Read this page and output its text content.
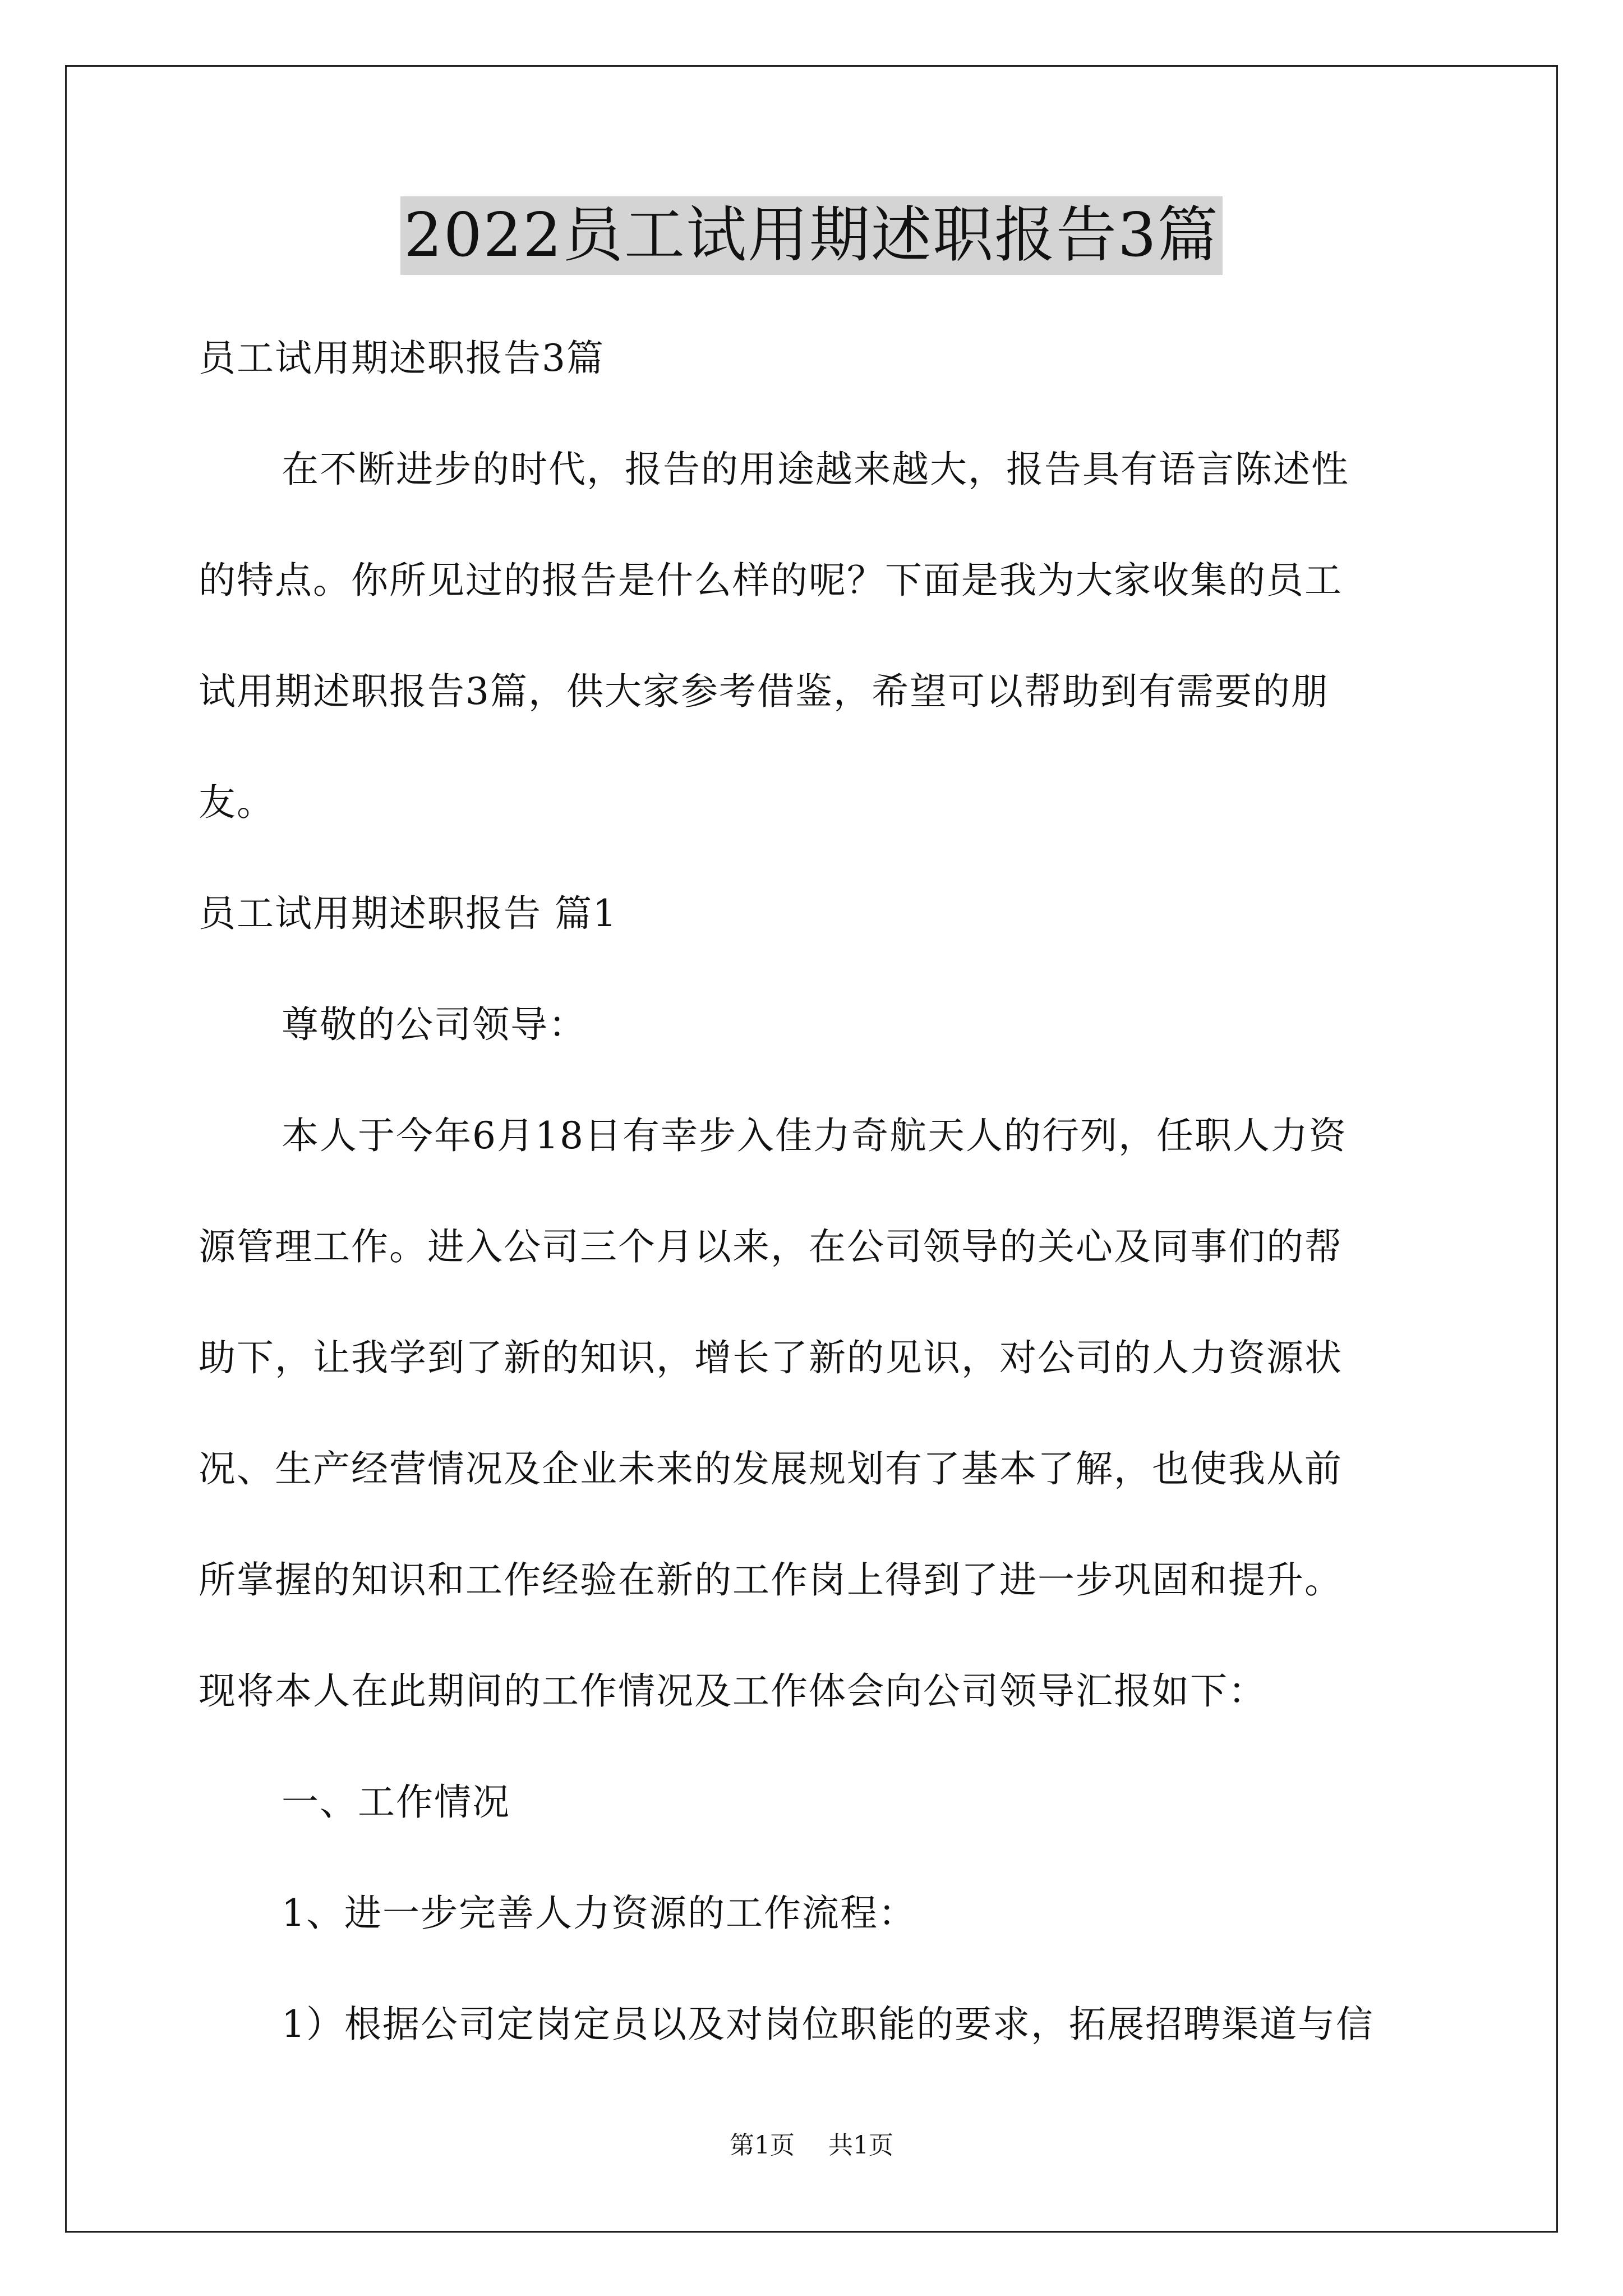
2022员工试用期述职报告3篇

员工试用期述职报告3篇

在不断进步的时代，报告的用途越来越大，报告具有语言陈述性

的特点。你所见过的报告是什么样的呢？下面是我为大家收集的员工

试用期述职报告3篇，供大家参考借鉴，希望可以帮助到有需要的朋

友。

员工试用期述职报告 篇1

尊敬的公司领导：

本人于今年6月18日有幸步入佳力奇航天人的行列，任职人力资

源管理工作。进入公司三个月以来，在公司领导的关心及同事们的帮

助下，让我学到了新的知识，增长了新的见识，对公司的人力资源状

况、生产经营情况及企业未来的发展规划有了基本了解，也使我从前

所掌握的知识和工作经验在新的工作岗上得到了进一步巩固和提升。

现将本人在此期间的工作情况及工作体会向公司领导汇报如下：

一、工作情况

1、进一步完善人力资源的工作流程：

1）根据公司定岗定员以及对岗位职能的要求，拓展招聘渠道与信

第1页 共1页
